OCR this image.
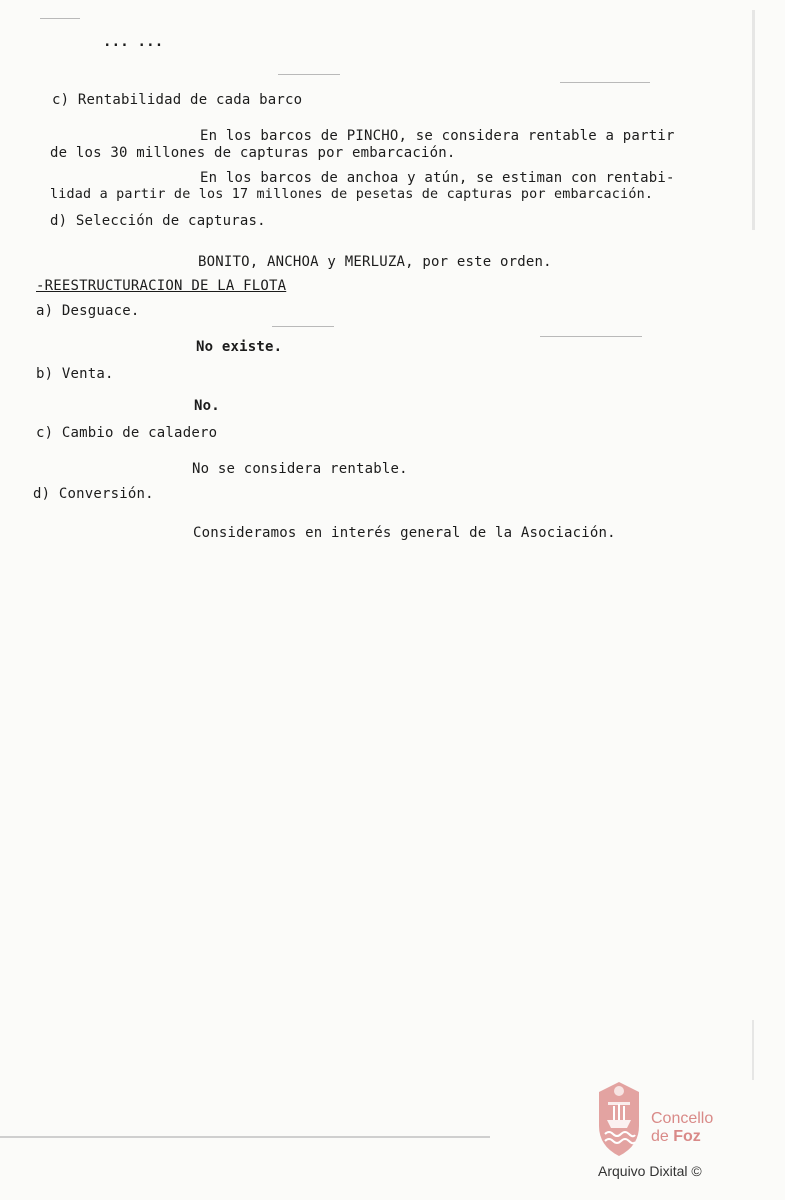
... ...
c) Rentabilidad de cada barco
En los barcos de PINCHO, se considera rentable a partir
de los 30 millones de capturas por embarcación.
En los barcos de anchoa y atún, se estiman con rentabi-
lidad a partir de los 17 millones de pesetas de capturas por embarcación.
d) Selección de capturas.
BONITO, ANCHOA y MERLUZA, por este orden.
-REESTRUCTURACION DE LA FLOTA
a) Desguace.
No existe.
b) Venta.
No.
c) Cambio de caladero
No se considera rentable.
d) Conversión.
Consideramos en interés general de la Asociación.
Concello
de Foz
Arquivo Dixital ©
